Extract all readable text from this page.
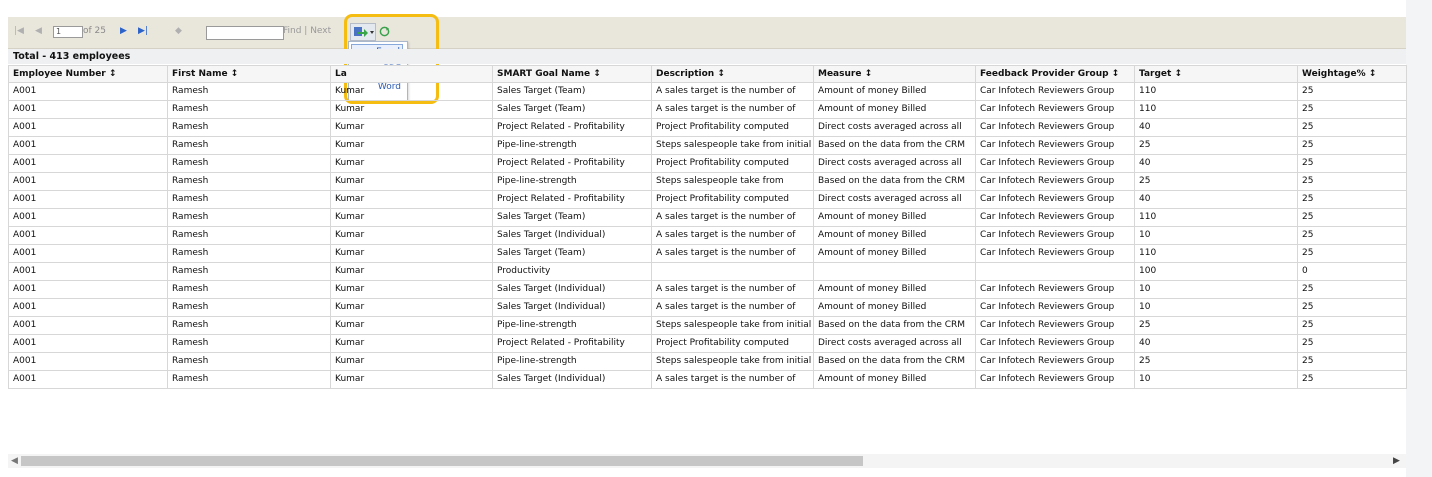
|◀ ◀
1	of 25 ▶ ▶|	◆	Find | Next
Word
Total - 413 employees
Employee Number ↕	First Name ↕	La	SMART Goal Name ↕	Description ↕	Measure ↕	Feedback Provider Group ↕	Target ↕	Weightage% ↕
A001	Ramesh	Kumar	Sales Target (Team)	A sales target is the number of	Amount of money Billed	Car Infotech Reviewers Group	110	25
A001	Ramesh	Kumar	Sales Target (Team)	A sales target is the number of	Amount of money Billed	Car Infotech Reviewers Group	110	25
A001	Ramesh	Kumar	Project Related - Profitability	Project Profitability computed	Direct costs averaged across all	Car Infotech Reviewers Group	40	25
A001	Ramesh	Kumar	Pipe-line-strength	Steps salespeople take from initial	Based on the data from the CRM	Car Infotech Reviewers Group	25	25
A001	Ramesh	Kumar	Project Related - Profitability	Project Profitability computed	Direct costs averaged across all	Car Infotech Reviewers Group	40	25
A001	Ramesh	Kumar	Pipe-line-strength	Steps salespeople take from	Based on the data from the CRM	Car Infotech Reviewers Group	25	25
A001	Ramesh	Kumar	Project Related - Profitability	Project Profitability computed	Direct costs averaged across all	Car Infotech Reviewers Group	40	25
A001	Ramesh	Kumar	Sales Target (Team)	A sales target is the number of	Amount of money Billed	Car Infotech Reviewers Group	110	25
A001	Ramesh	Kumar	Sales Target (Individual)	A sales target is the number of	Amount of money Billed	Car Infotech Reviewers Group	10	25
A001	Ramesh	Kumar	Sales Target (Team)	A sales target is the number of	Amount of money Billed	Car Infotech Reviewers Group	110	25
A001	Ramesh	Kumar	Productivity				100	0
A001	Ramesh	Kumar	Sales Target (Individual)	A sales target is the number of	Amount of money Billed	Car Infotech Reviewers Group	10	25
A001	Ramesh	Kumar	Sales Target (Individual)	A sales target is the number of	Amount of money Billed	Car Infotech Reviewers Group	10	25
A001	Ramesh	Kumar	Pipe-line-strength	Steps salespeople take from initial	Based on the data from the CRM	Car Infotech Reviewers Group	25	25
A001	Ramesh	Kumar	Project Related - Profitability	Project Profitability computed	Direct costs averaged across all	Car Infotech Reviewers Group	40	25
A001	Ramesh	Kumar	Pipe-line-strength	Steps salespeople take from initial	Based on the data from the CRM	Car Infotech Reviewers Group	25	25
A001	Ramesh	Kumar	Sales Target (Individual)	A sales target is the number of	Amount of money Billed	Car Infotech Reviewers Group	10	25
◀	▶
